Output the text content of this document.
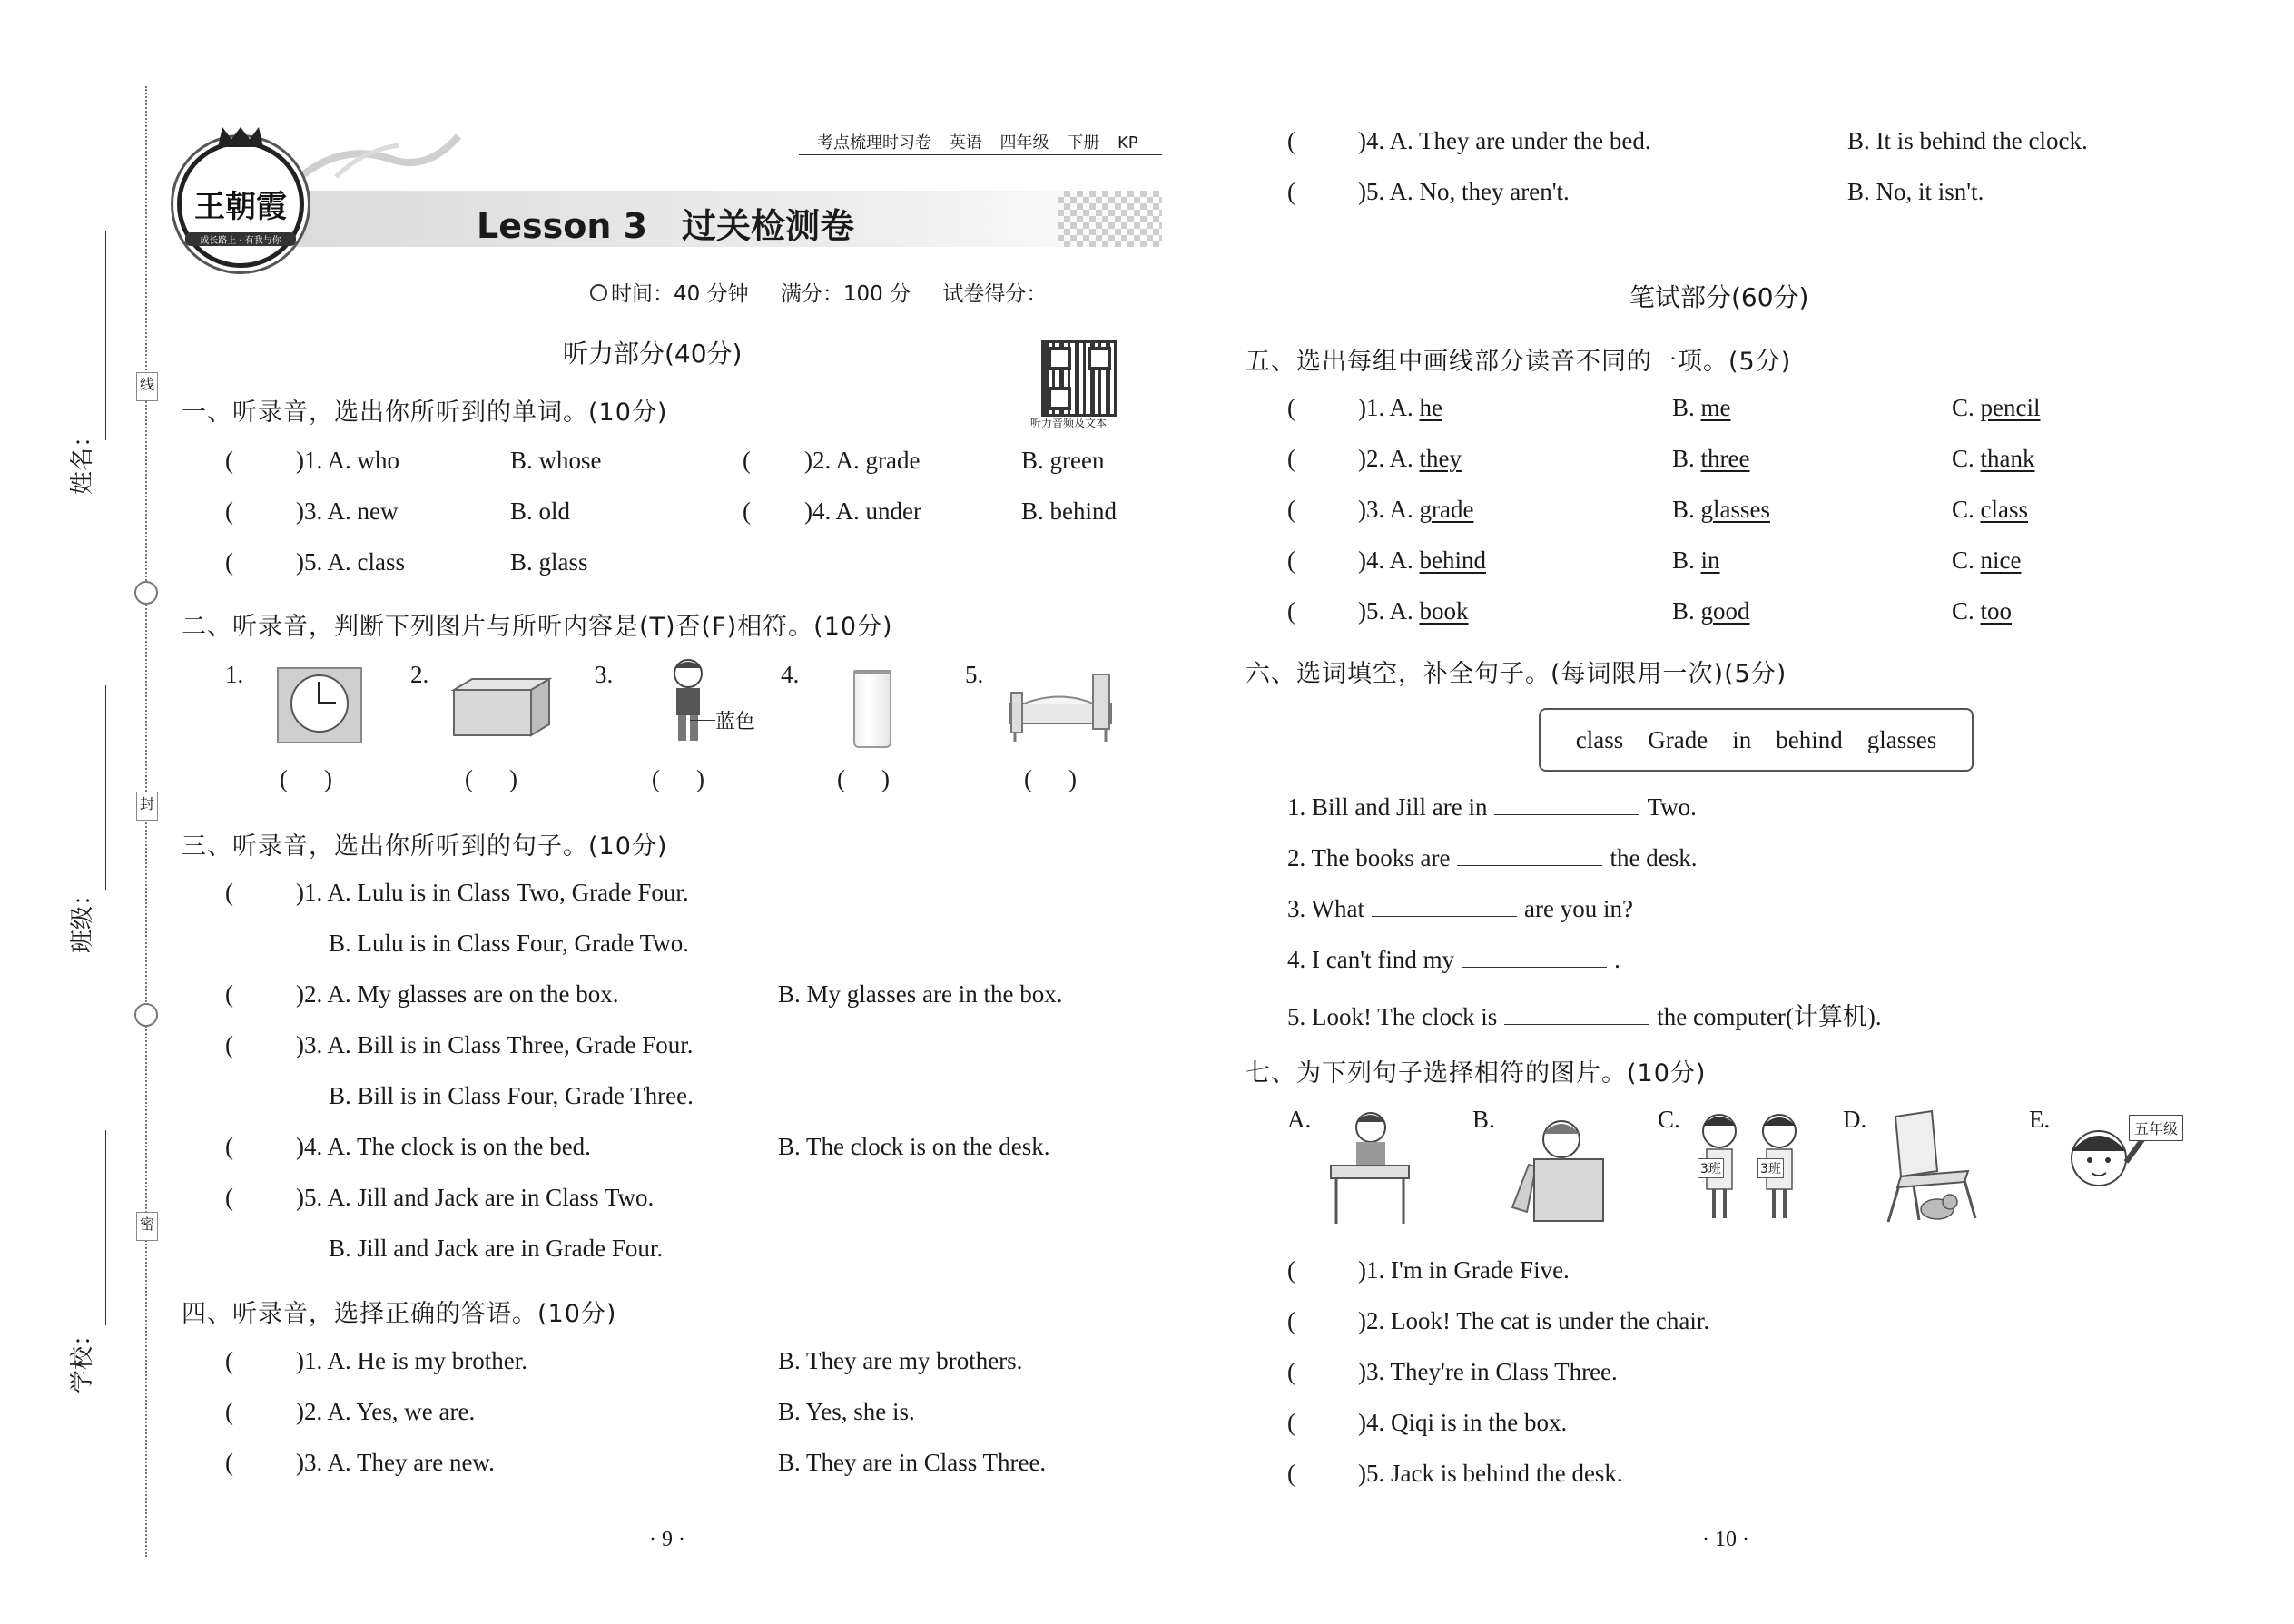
线
封
密
姓名：
班级：
学校：
王朝霞
成长路上 · 有我与你
考点梳理时习卷 英语 四年级 下册 KP
Lesson 3　过关检测卷
时间：40 分钟 满分：100 分 试卷得分：
听力音频及文本
听力部分(40分)
一、听录音，选出你所听到的单词。(10分)
(	)1. A. who	B. whose	( )2. A. grade	B. green
(	)3. A. new	B. old	( )4. A. under	B. behind
(	)5. A. class	B. glass
二、听录音，判断下列图片与所听内容是(T)否(F)相符。(10分)
1.	2.	3.
蓝色
4.	5.
( )	( )	( )	( )	( )
三、听录音，选出你所听到的句子。(10分)
(	)1. A. Lulu is in Class Two, Grade Four.
B. Lulu is in Class Four, Grade Two.
(	)2. A. My glasses are on the box.	B. My glasses are in the box.
(	)3. A. Bill is in Class Three, Grade Four.
B. Bill is in Class Four, Grade Three.
(	)4. A. The clock is on the bed.	B. The clock is on the desk.
(	)5. A. Jill and Jack are in Class Two.
B. Jill and Jack are in Grade Four.
四、听录音，选择正确的答语。(10分)
(	)1. A. He is my brother.	B. They are my brothers.
(	)2. A. Yes, we are.	B. Yes, she is.
(	)3. A. They are new.	B. They are in Class Three.
(	)4. A. They are under the bed.	B. It is behind the clock.
(	)5. A. No, they aren't.	B. No, it isn't.
· 9 ·
笔试部分(60分)
五、选出每组中画线部分读音不同的一项。(5分)
(	)1. A. he	B. me	C. pencil
(	)2. A. they	B. three	C. thank
(	)3. A. grade	B. glasses	C. class
(	)4. A. behind	B. in	C. nice
(	)5. A. book	B. good	C. too
六、选词填空，补全句子。(每词限用一次)(5分)
class　Grade　in　behind　glasses
1. Bill and Jill are in	Two.
2. The books are	the desk.
3. What	are you in?
4. I can't find my	.
5. Look! The clock is	the computer(计算机).
七、为下列句子选择相符的图片。(10分)
A.	B.	C.
3班	3班
D.	E.	五年级
(	)1. I'm in Grade Five.
(	)2. Look! The cat is under the chair.
(	)3. They're in Class Three.
(	)4. Qiqi is in the box.
(	)5. Jack is behind the desk.
· 10 ·
